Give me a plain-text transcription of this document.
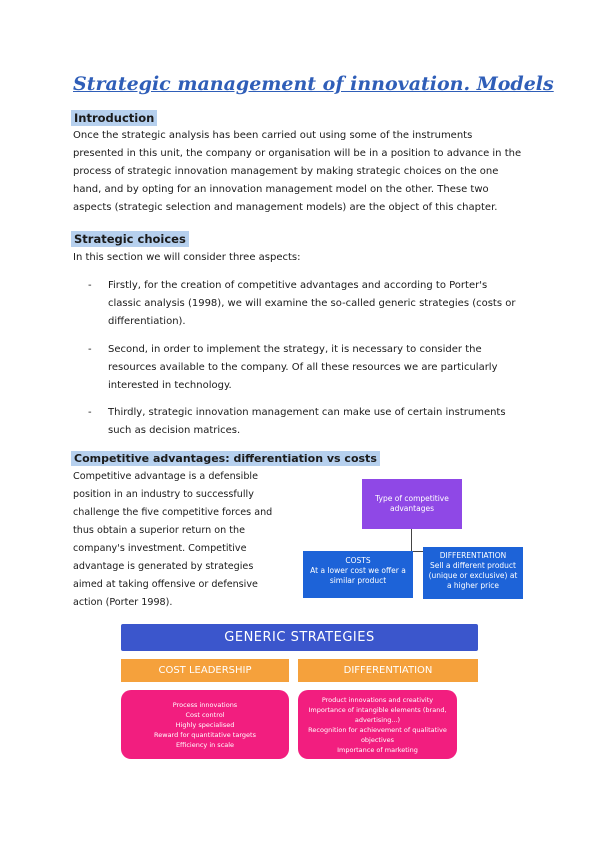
Strategic management of innovation. Models
Introduction
Once the strategic analysis has been carried out using some of the instruments
presented in this unit, the company or organisation will be in a position to advance in the
process of strategic innovation management by making strategic choices on the one
hand, and by opting for an innovation management model on the other. These two
aspects (strategic selection and management models) are the object of this chapter.
Strategic choices
In this section we will consider three aspects:
- Firstly, for the creation of competitive advantages and according to Porter's
classic analysis (1998), we will examine the so-called generic strategies (costs or
differentiation).
- Second, in order to implement the strategy, it is necessary to consider the
resources available to the company. Of all these resources we are particularly
interested in technology.
- Thirdly, strategic innovation management can make use of certain instruments
such as decision matrices.
Competitive advantages: differentiation vs costs
Competitive advantage is a defensible
position in an industry to successfully
challenge the five competitive forces and
thus obtain a superior return on the
company's investment. Competitive
advantage is generated by strategies
aimed at taking offensive or defensive
action (Porter 1998).
Type of competitive advantages
COSTS
At a lower cost we offer a similar product
DIFFERENTIATION
Sell a different product (unique or exclusive) at a higher price
GENERIC STRATEGIES
COST LEADERSHIP	DIFFERENTIATION
Process innovations
Cost control
Highly specialised
Reward for quantitative targets
Efficiency in scale
Product innovations and creativity
Importance of intangible elements (brand,
advertising...)
Recognition for achievement of qualitative
objectives
Importance of marketing
